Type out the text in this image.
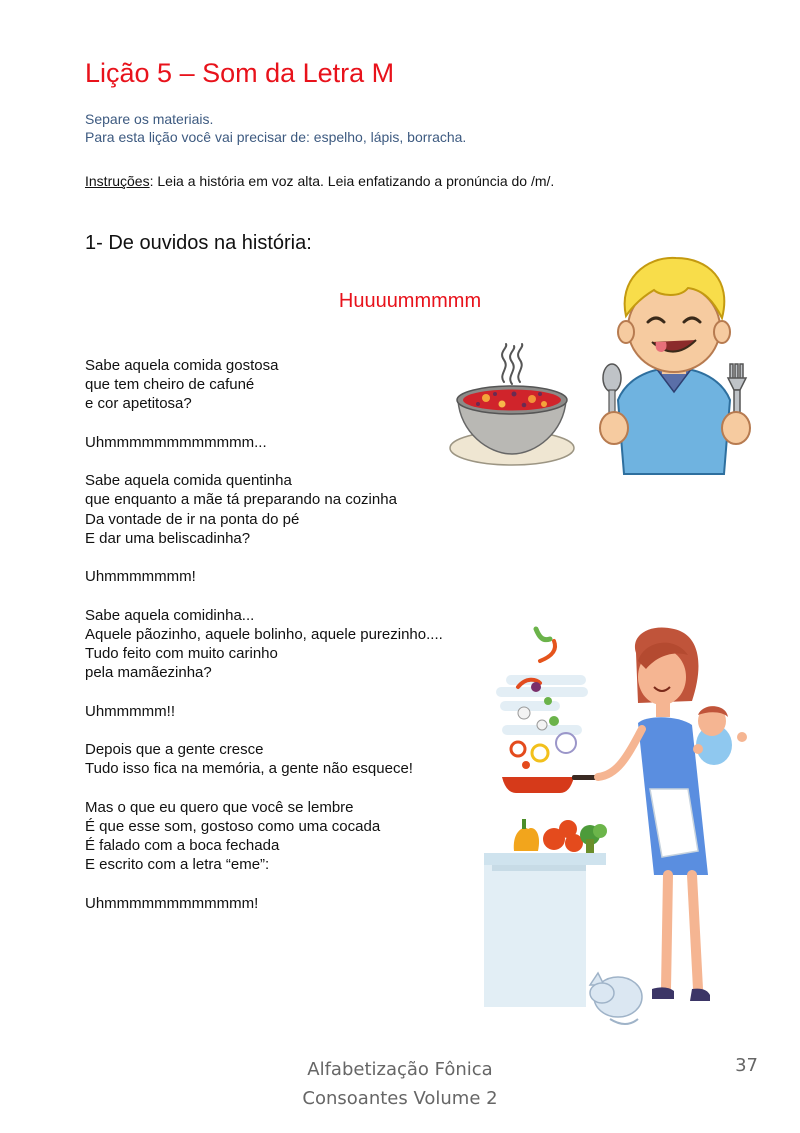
Lição 5 – Som da Letra M
Separe os materiais.
Para esta lição você vai precisar de: espelho, lápis, borracha.
Instruções: Leia a história em voz alta. Leia enfatizando a pronúncia do /m/.
1- De ouvidos na história:
Huuuummmmm

Sabe aquela comida gostosa

que tem cheiro de cafuné

e cor apetitosa?

Uhmmmmmmmmmmmm...

Sabe aquela comida quentinha

que enquanto a mãe tá preparando na cozinha

Da vontade de ir na ponta do pé

E dar uma beliscadinha?

Uhmmmmmmm!

Sabe aquela comidinha...

Aquele pãozinho, aquele bolinho, aquele purezinho....

Tudo feito com muito carinho

pela mamãezinha?

Uhmmmmm!!

Depois que a gente cresce

Tudo isso fica na memória, a gente não esquece!

Mas o que eu quero que você se lembre

É que esse som, gostoso como uma cocada

É falado com a boca fechada

E escrito com a letra “eme”:

Uhmmmmmmmmmmmm!

Alfabetização Fônica
Consoantes Volume 2
37
